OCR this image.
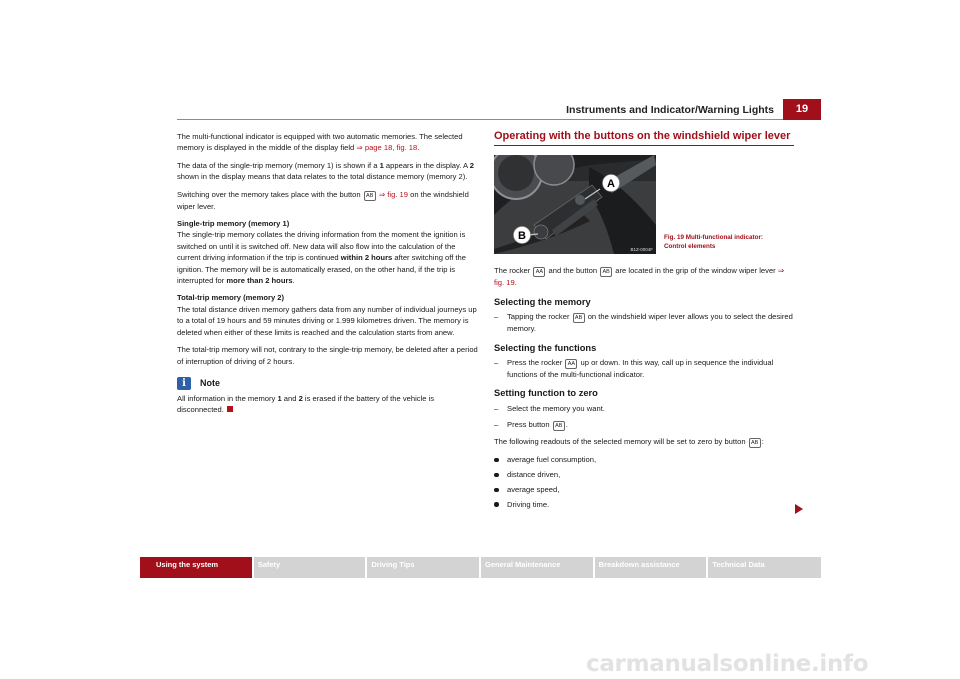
Instruments and Indicator/Warning Lights	19

The multi-functional indicator is equipped with two automatic memories. The selected memory is displayed in the middle of the display field ⇒ page 18, fig. 18.

The data of the single-trip memory (memory 1) is shown if a 1 appears in the display. A 2 shown in the display means that data relates to the total distance memory (memory 2).

Switching over the memory takes place with the button AB ⇒ fig. 19 on the windshield wiper lever.

Single-trip memory (memory 1)

The single-trip memory collates the driving information from the moment the ignition is switched on until it is switched off. New data will also flow into the calculation of the current driving information if the trip is continued within 2 hours after switching off the ignition. The memory will be is automatically erased, on the other hand, if the trip is interrupted for more than 2 hours.

Total-trip memory (memory 2)

The total distance driven memory gathers data from any number of individual journeys up to a total of 19 hours and 59 minutes driving or 1.999 kilometres driven. The memory is deleted when either of these limits is reached and the calculation starts from anew.

The total-trip memory will not, contrary to the single-trip memory, be deleted after a period of interruption of driving of 2 hours.

i	Note

All information in the memory 1 and 2 is erased if the battery of the vehicle is disconnected.

Operating with the buttons on the windshield wiper lever
A
B
B1Z-0004F
Fig. 19 Multi-functional indicator:
Control elements

The rocker AA and the button AB are located in the grip of the window wiper lever ⇒ fig. 19.

Selecting the memory
– Tapping the rocker AB on the windshield wiper lever allows you to select the desired memory.
Selecting the functions
– Press the rocker AA up or down. In this way, call up in sequence the individual functions of the multi-functional indicator.
Setting function to zero
– Select the memory you want.
– Press button AB .

The following readouts of the selected memory will be set to zero by button AB :

average fuel consumption,
distance driven,
average speed,
Driving time.
Using the system	Safety	Driving Tips	General Maintenance	Breakdown assistance	Technical Data
carmanualsonline.info
